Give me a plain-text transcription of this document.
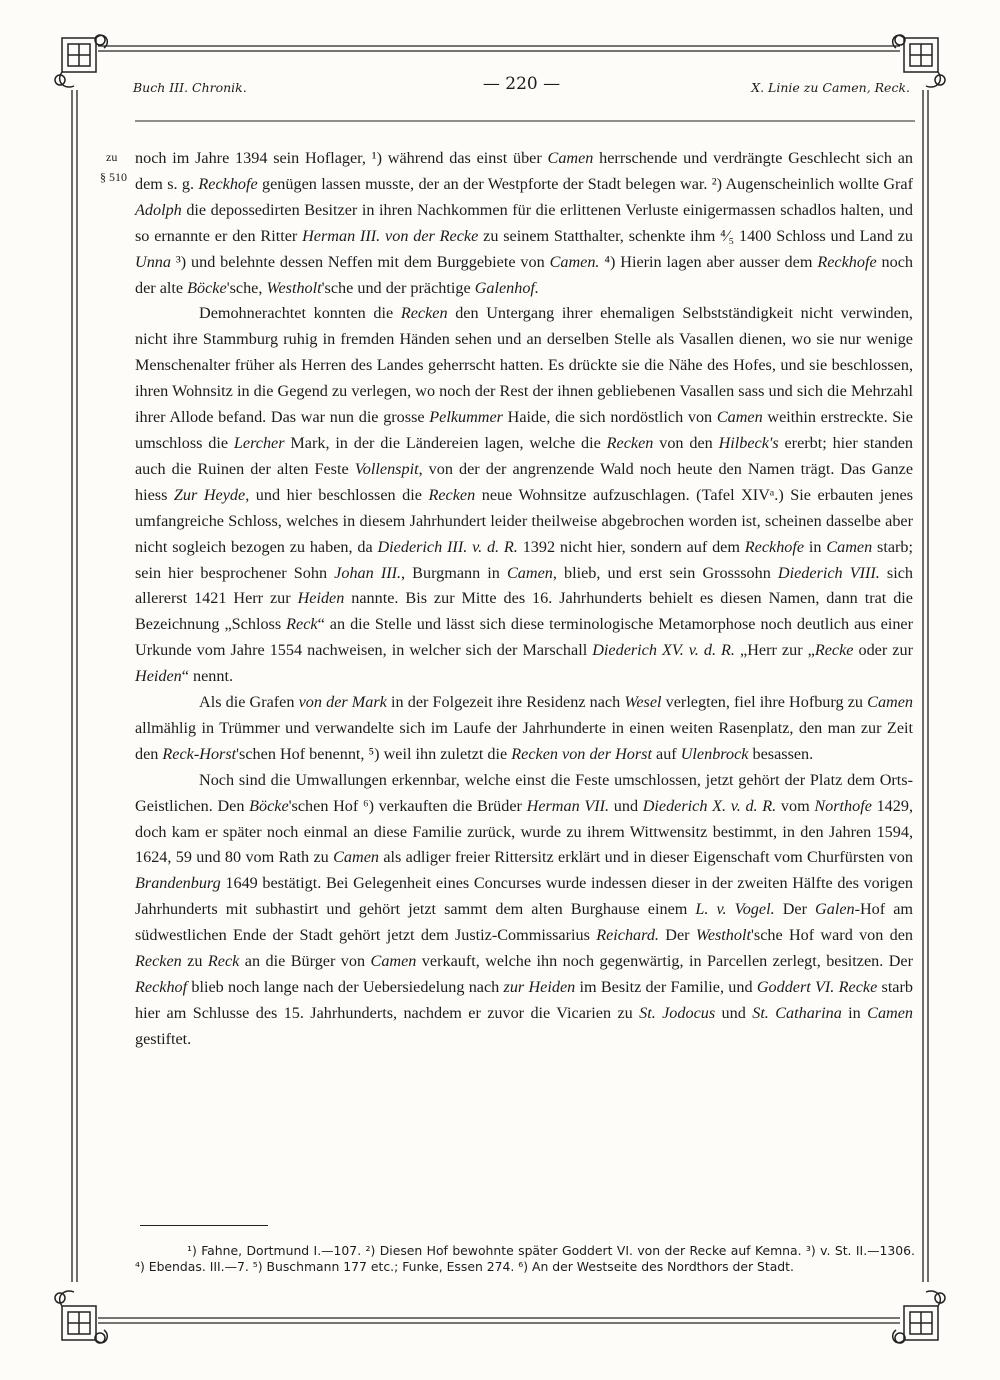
Buch III. Chronik.	— 220 —	X. Linie zu Camen, Reck.
zu
§ 510

noch im Jahre 1394 sein Hoflager, ¹) während das einst über Camen herrschende und verdrängte Geschlecht sich an dem s. g. Reckhofe genügen lassen musste, der an der Westpforte der Stadt belegen war. ²) Augenscheinlich wollte Graf Adolph die depossedirten Besitzer in ihren Nachkommen für die erlittenen Verluste einigermassen schadlos halten, und so ernannte er den Ritter Herman III. von der Recke zu seinem Statthalter, schenkte ihm ⁴⁄₅ 1400 Schloss und Land zu Unna ³) und belehnte dessen Neffen mit dem Burggebiete von Camen. ⁴) Hierin lagen aber ausser dem Reckhofe noch der alte Böcke'sche, Westholt'sche und der prächtige Galenhof.

Demohnerachtet konnten die Recken den Untergang ihrer ehemaligen Selbstständigkeit nicht verwinden, nicht ihre Stammburg ruhig in fremden Händen sehen und an derselben Stelle als Vasallen dienen, wo sie nur wenige Menschenalter früher als Herren des Landes geherrscht hatten. Es drückte sie die Nähe des Hofes, und sie beschlossen, ihren Wohnsitz in die Gegend zu verlegen, wo noch der Rest der ihnen gebliebenen Vasallen sass und sich die Mehrzahl ihrer Allode befand. Das war nun die grosse Pelkummer Haide, die sich nordöstlich von Camen weithin erstreckte. Sie umschloss die Lercher Mark, in der die Ländereien lagen, welche die Recken von den Hilbeck's ererbt; hier standen auch die Ruinen der alten Feste Vollenspit, von der der angrenzende Wald noch heute den Namen trägt. Das Ganze hiess Zur Heyde, und hier beschlossen die Recken neue Wohnsitze aufzuschlagen. (Tafel XIVᵃ.) Sie erbauten jenes umfangreiche Schloss, welches in diesem Jahrhundert leider theilweise abgebrochen worden ist, scheinen dasselbe aber nicht sogleich bezogen zu haben, da Diederich III. v. d. R. 1392 nicht hier, sondern auf dem Reckhofe in Camen starb; sein hier besprochener Sohn Johan III., Burgmann in Camen, blieb, und erst sein Grosssohn Diederich VIII. sich allererst 1421 Herr zur Heiden nannte. Bis zur Mitte des 16. Jahrhunderts behielt es diesen Namen, dann trat die Bezeichnung „Schloss Reck“ an die Stelle und lässt sich diese terminologische Metamorphose noch deutlich aus einer Urkunde vom Jahre 1554 nachweisen, in welcher sich der Marschall Diederich XV. v. d. R. „Herr zur „Recke oder zur Heiden“ nennt.

Als die Grafen von der Mark in der Folgezeit ihre Residenz nach Wesel verlegten, fiel ihre Hofburg zu Camen allmählig in Trümmer und verwandelte sich im Laufe der Jahrhunderte in einen weiten Rasenplatz, den man zur Zeit den Reck-Horst'schen Hof benennt, ⁵) weil ihn zuletzt die Recken von der Horst auf Ulenbrock besassen.

Noch sind die Umwallungen erkennbar, welche einst die Feste umschlossen, jetzt gehört der Platz dem Orts-Geistlichen. Den Böcke'schen Hof ⁶) verkauften die Brüder Herman VII. und Diederich X. v. d. R. vom Northofe 1429, doch kam er später noch einmal an diese Familie zurück, wurde zu ihrem Wittwensitz bestimmt, in den Jahren 1594, 1624, 59 und 80 vom Rath zu Camen als adliger freier Rittersitz erklärt und in dieser Eigenschaft vom Churfürsten von Brandenburg 1649 bestätigt. Bei Gelegenheit eines Concurses wurde indessen dieser in der zweiten Hälfte des vorigen Jahrhunderts mit subhastirt und gehört jetzt sammt dem alten Burghause einem L. v. Vogel. Der Galen-Hof am südwestlichen Ende der Stadt gehört jetzt dem Justiz-Commissarius Reichard. Der Westholt'sche Hof ward von den Recken zu Reck an die Bürger von Camen verkauft, welche ihn noch gegenwärtig, in Parcellen zerlegt, besitzen. Der Reckhof blieb noch lange nach der Uebersiedelung nach zur Heiden im Besitz der Familie, und Goddert VI. Recke starb hier am Schlusse des 15. Jahrhunderts, nachdem er zuvor die Vicarien zu St. Jodocus und St. Catharina in Camen gestiftet.

¹) Fahne, Dortmund I.—107. ²) Diesen Hof bewohnte später Goddert VI. von der Recke auf Kemna. ³) v. St. II.—1306. ⁴) Ebendas. III.—7. ⁵) Buschmann 177 etc.; Funke, Essen 274. ⁶) An der Westseite des Nordthors der Stadt.
